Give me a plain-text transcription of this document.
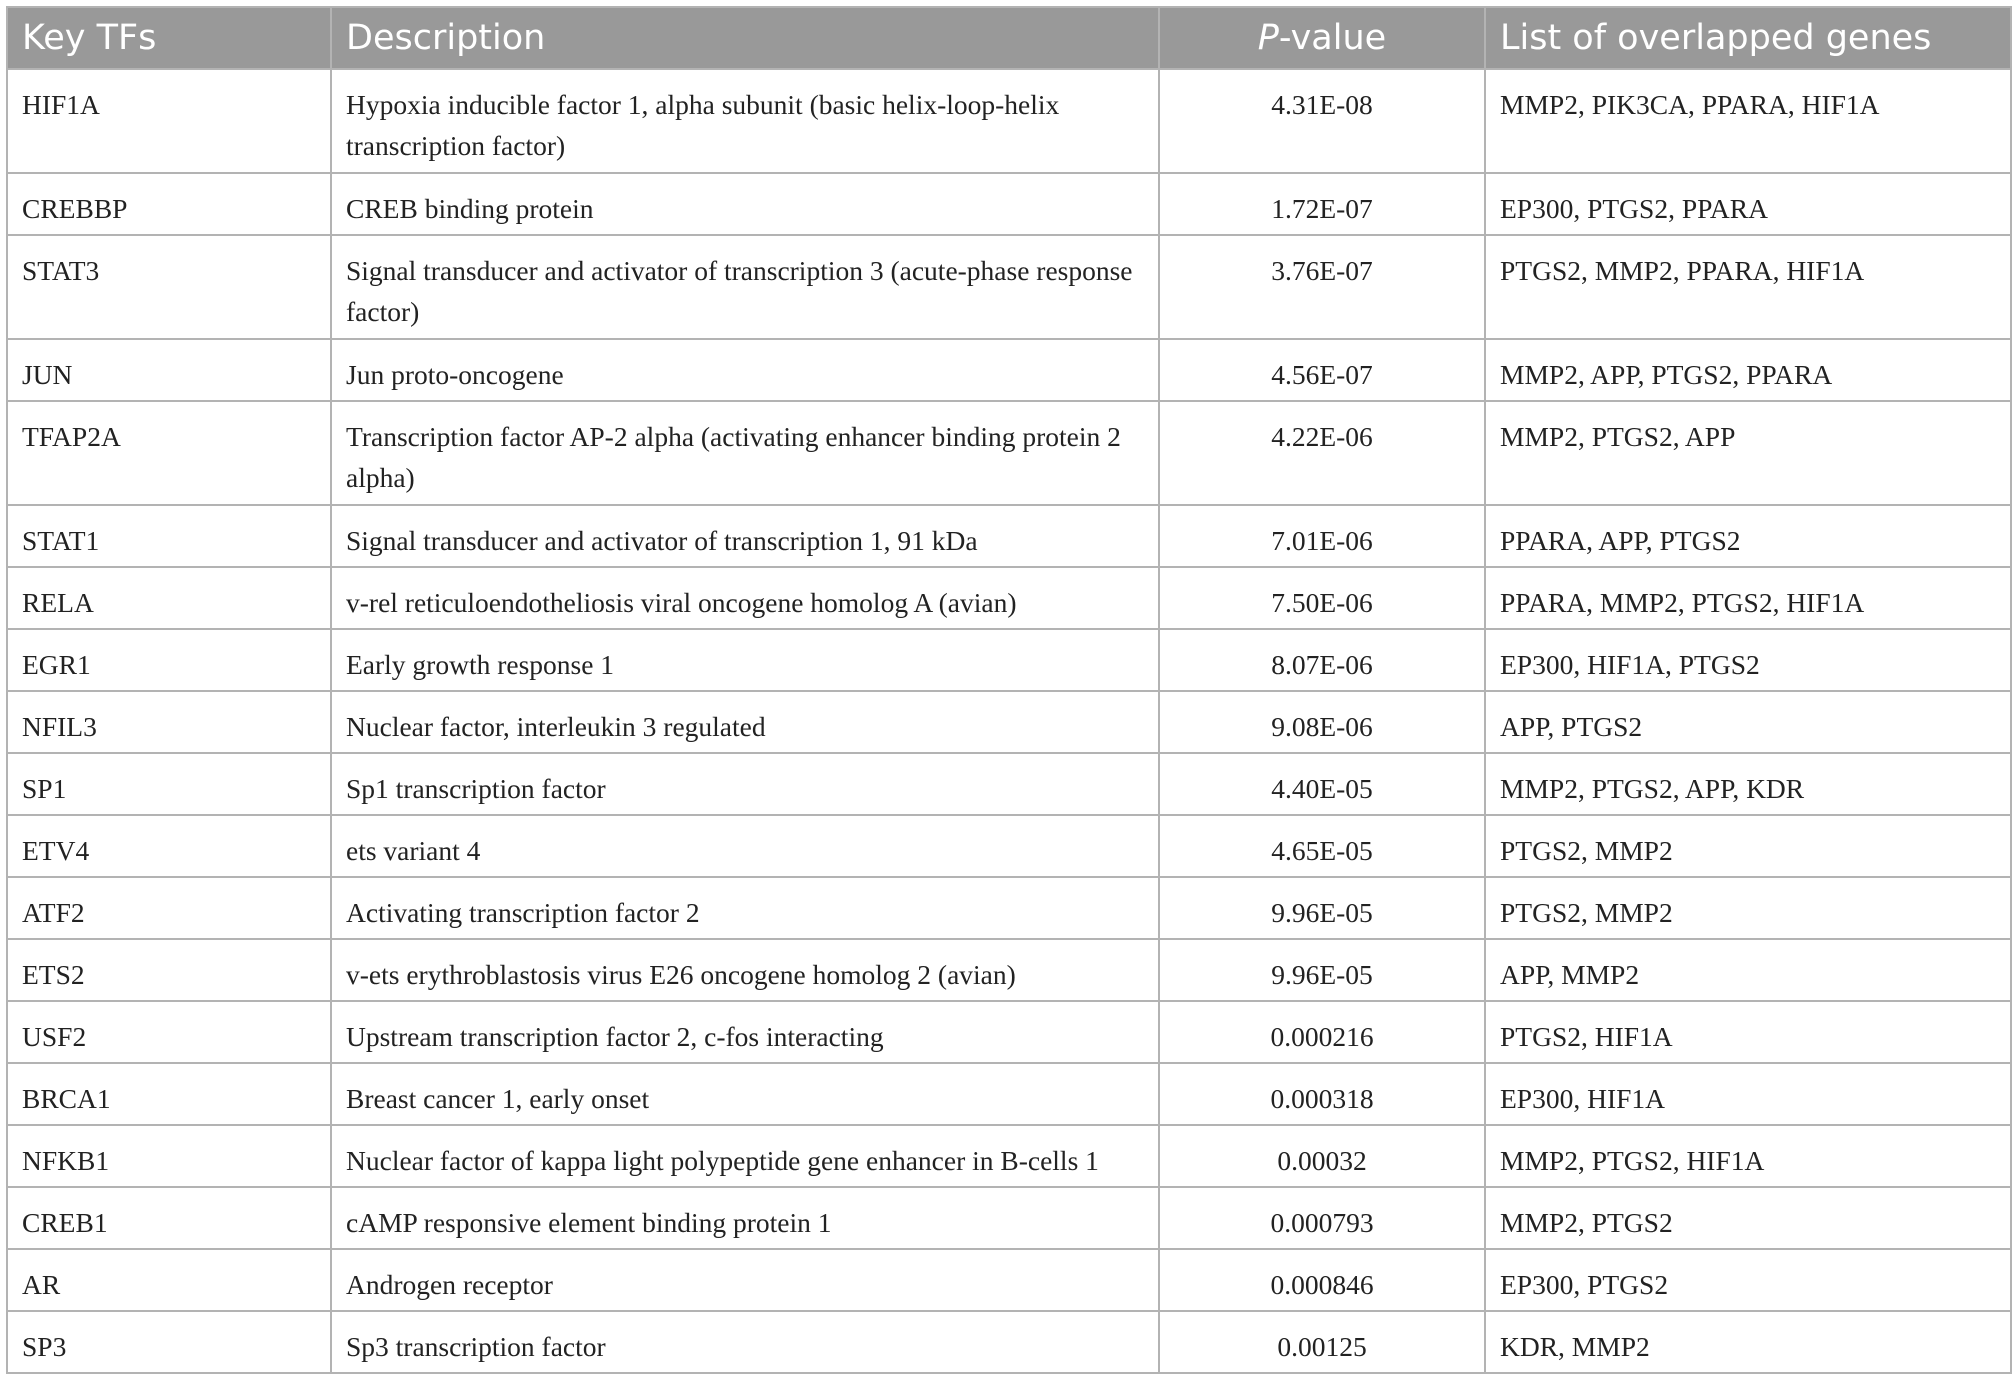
Key TFs	Description	P-value	List of overlapped genes
HIF1A	Hypoxia inducible factor 1, alpha subunit (basic helix-loop-helix transcription factor)	4.31E-08	MMP2, PIK3CA, PPARA, HIF1A
CREBBP	CREB binding protein	1.72E-07	EP300, PTGS2, PPARA
STAT3	Signal transducer and activator of transcription 3 (acute-phase response factor)	3.76E-07	PTGS2, MMP2, PPARA, HIF1A
JUN	Jun proto-oncogene	4.56E-07	MMP2, APP, PTGS2, PPARA
TFAP2A	Transcription factor AP-2 alpha (activating enhancer binding protein 2 alpha)	4.22E-06	MMP2, PTGS2, APP
STAT1	Signal transducer and activator of transcription 1, 91 kDa	7.01E-06	PPARA, APP, PTGS2
RELA	v-rel reticuloendotheliosis viral oncogene homolog A (avian)	7.50E-06	PPARA, MMP2, PTGS2, HIF1A
EGR1	Early growth response 1	8.07E-06	EP300, HIF1A, PTGS2
NFIL3	Nuclear factor, interleukin 3 regulated	9.08E-06	APP, PTGS2
SP1	Sp1 transcription factor	4.40E-05	MMP2, PTGS2, APP, KDR
ETV4	ets variant 4	4.65E-05	PTGS2, MMP2
ATF2	Activating transcription factor 2	9.96E-05	PTGS2, MMP2
ETS2	v-ets erythroblastosis virus E26 oncogene homolog 2 (avian)	9.96E-05	APP, MMP2
USF2	Upstream transcription factor 2, c-fos interacting	0.000216	PTGS2, HIF1A
BRCA1	Breast cancer 1, early onset	0.000318	EP300, HIF1A
NFKB1	Nuclear factor of kappa light polypeptide gene enhancer in B-cells 1	0.00032	MMP2, PTGS2, HIF1A
CREB1	cAMP responsive element binding protein 1	0.000793	MMP2, PTGS2
AR	Androgen receptor	0.000846	EP300, PTGS2
SP3	Sp3 transcription factor	0.00125	KDR, MMP2
